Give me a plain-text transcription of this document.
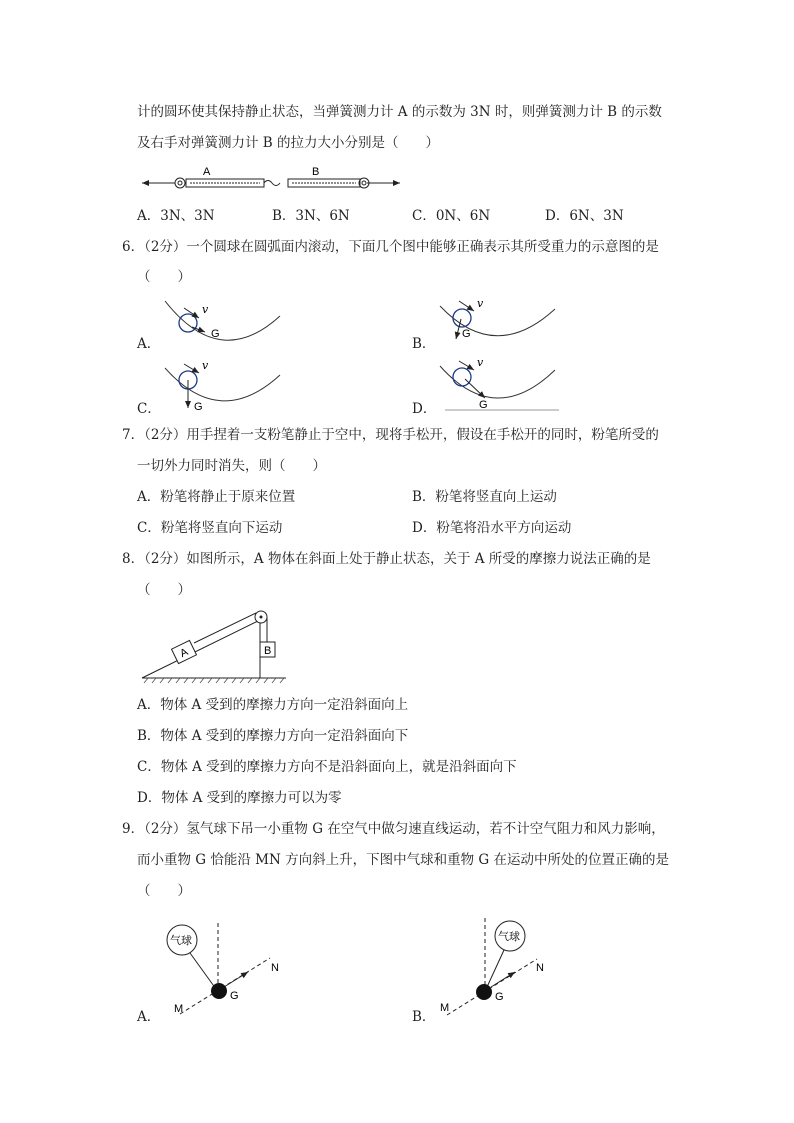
计的圆环使其保持静止状态，当弹簧测力计 A 的示数为 3N 时，则弹簧测力计 B 的示数
及右手对弹簧测力计 B 的拉力大小分别是（　　）
A	B
A．3N、3N	B．3N、6N	C．0N、6N	D．6N、3N
6．（2分）一个圆球在圆弧面内滚动，下面几个图中能够正确表示其所受重力的示意图的是
（　　）
A．
v
G
B．
v
G
C．
v
G	D．
v
G
7．（2分）用手捏着一支粉笔静止于空中，现将手松开，假设在手松开的同时，粉笔所受的
一切外力同时消失，则（　　）
A．粉笔将静止于原来位置	B．粉笔将竖直向上运动
C．粉笔将竖直向下运动	D．粉笔将沿水平方向运动
8．（2分）如图所示，A 物体在斜面上处于静止状态，关于 A 所受的摩擦力说法正确的是
（　　）
A	B
A．物体 A 受到的摩擦力方向一定沿斜面向上
B．物体 A 受到的摩擦力方向一定沿斜面向下
C．物体 A 受到的摩擦力方向不是沿斜面向上，就是沿斜面向下
D．物体 A 受到的摩擦力可以为零
9．（2分）氢气球下吊一小重物 G 在空气中做匀速直线运动，若不计空气阻力和风力影响，
而小重物 G 恰能沿 MN 方向斜上升，下图中气球和重物 G 在运动中所处的位置正确的是
（　　）
A．
气球
G
M
N
B．
气球
G
M
N
